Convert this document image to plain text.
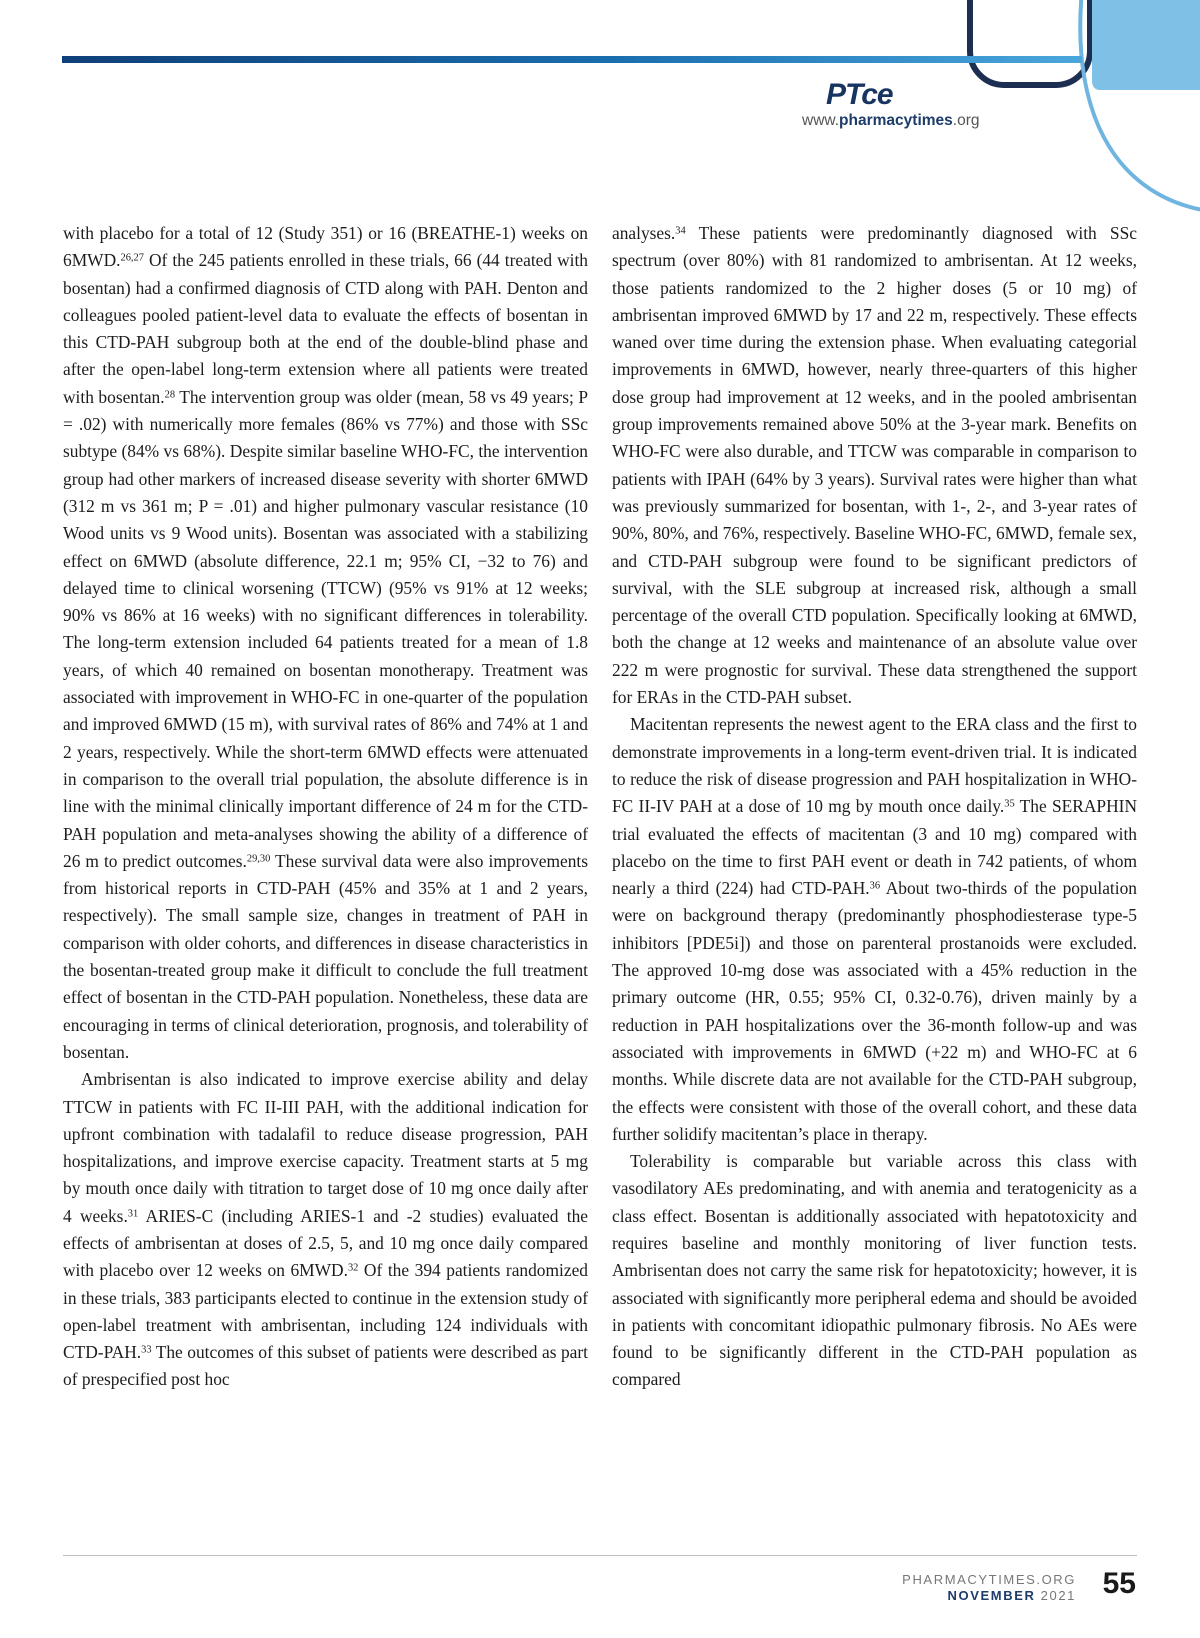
PTce
www.pharmacytimes.org

with placebo for a total of 12 (Study 351) or 16 (BREATHE-1) weeks on 6MWD.$^{26,27}$ Of the 245 patients enrolled in these trials, 66 (44 treated with bosentan) had a confirmed diagnosis of CTD along with PAH. Denton and colleagues pooled patient-level data to evaluate the effects of bosentan in this CTD-PAH subgroup both at the end of the double-blind phase and after the open-label long-term extension where all patients were treated with bosentan.$^{28}$ The intervention group was older (mean, 58 vs 49 years; P = .02) with numerically more females (86% vs 77%) and those with SSc subtype (84% vs 68%). Despite similar baseline WHO-FC, the intervention group had other markers of increased disease severity with shorter 6MWD (312 m vs 361 m; P = .01) and higher pulmonary vascular resistance (10 Wood units vs 9 Wood units). Bosentan was associated with a stabilizing effect on 6MWD (absolute difference, 22.1 m; 95% CI, −32 to 76) and delayed time to clinical worsening (TTCW) (95% vs 91% at 12 weeks; 90% vs 86% at 16 weeks) with no significant differences in tolerability. The long-term extension included 64 patients treated for a mean of 1.8 years, of which 40 remained on bosentan monotherapy. Treatment was associated with improvement in WHO-FC in one-quarter of the population and improved 6MWD (15 m), with survival rates of 86% and 74% at 1 and 2 years, respectively. While the short-term 6MWD effects were attenuated in comparison to the overall trial population, the absolute difference is in line with the minimal clinically important difference of 24 m for the CTD-PAH population and meta-analyses showing the ability of a difference of 26 m to predict outcomes.$^{29,30}$ These survival data were also improvements from historical reports in CTD-PAH (45% and 35% at 1 and 2 years, respectively). The small sample size, changes in treatment of PAH in comparison with older cohorts, and differences in disease characteristics in the bosentan-treated group make it difficult to conclude the full treatment effect of bosentan in the CTD-PAH population. Nonetheless, these data are encouraging in terms of clinical deterioration, prognosis, and tolerability of bosentan.

Ambrisentan is also indicated to improve exercise ability and delay TTCW in patients with FC II-III PAH, with the additional indication for upfront combination with tadalafil to reduce disease progression, PAH hospitalizations, and improve exercise capacity. Treatment starts at 5 mg by mouth once daily with titration to target dose of 10 mg once daily after 4 weeks.$^{31}$ ARIES-C (including ARIES-1 and -2 studies) evaluated the effects of ambrisentan at doses of 2.5, 5, and 10 mg once daily compared with placebo over 12 weeks on 6MWD.$^{32}$ Of the 394 patients randomized in these trials, 383 participants elected to continue in the extension study of open-label treatment with ambrisentan, including 124 individuals with CTD-PAH.$^{33}$ The outcomes of this subset of patients were described as part of prespecified post hoc

analyses.$^{34}$ These patients were predominantly diagnosed with SSc spectrum (over 80%) with 81 randomized to ambrisentan. At 12 weeks, those patients randomized to the 2 higher doses (5 or 10 mg) of ambrisentan improved 6MWD by 17 and 22 m, respectively. These effects waned over time during the extension phase. When evaluating categorial improvements in 6MWD, however, nearly three-quarters of this higher dose group had improvement at 12 weeks, and in the pooled ambrisentan group improvements remained above 50% at the 3-year mark. Benefits on WHO-FC were also durable, and TTCW was comparable in comparison to patients with IPAH (64% by 3 years). Survival rates were higher than what was previously summarized for bosentan, with 1-, 2-, and 3-year rates of 90%, 80%, and 76%, respectively. Baseline WHO-FC, 6MWD, female sex, and CTD-PAH subgroup were found to be significant predictors of survival, with the SLE subgroup at increased risk, although a small percentage of the overall CTD population. Specifically looking at 6MWD, both the change at 12 weeks and maintenance of an absolute value over 222 m were prognostic for survival. These data strengthened the support for ERAs in the CTD-PAH subset.

Macitentan represents the newest agent to the ERA class and the first to demonstrate improvements in a long-term event-driven trial. It is indicated to reduce the risk of disease progression and PAH hospitalization in WHO-FC II-IV PAH at a dose of 10 mg by mouth once daily.$^{35}$ The SERAPHIN trial evaluated the effects of macitentan (3 and 10 mg) compared with placebo on the time to first PAH event or death in 742 patients, of whom nearly a third (224) had CTD-PAH.$^{36}$ About two-thirds of the population were on background therapy (predominantly phosphodiesterase type-5 inhibitors [PDE5i]) and those on parenteral prostanoids were excluded. The approved 10-mg dose was associated with a 45% reduction in the primary outcome (HR, 0.55; 95% CI, 0.32-0.76), driven mainly by a reduction in PAH hospitalizations over the 36-month follow-up and was associated with improvements in 6MWD (+22 m) and WHO-FC at 6 months. While discrete data are not available for the CTD-PAH subgroup, the effects were consistent with those of the overall cohort, and these data further solidify macitentan’s place in therapy.

Tolerability is comparable but variable across this class with vasodilatory AEs predominating, and with anemia and teratogenicity as a class effect. Bosentan is additionally associated with hepatotoxicity and requires baseline and monthly monitoring of liver function tests. Ambrisentan does not carry the same risk for hepatotoxicity; however, it is associated with significantly more peripheral edema and should be avoided in patients with concomitant idiopathic pulmonary fibrosis. No AEs were found to be significantly different in the CTD-PAH population as compared

PHARMACYTIMES.ORG
NOVEMBER 2021 55
